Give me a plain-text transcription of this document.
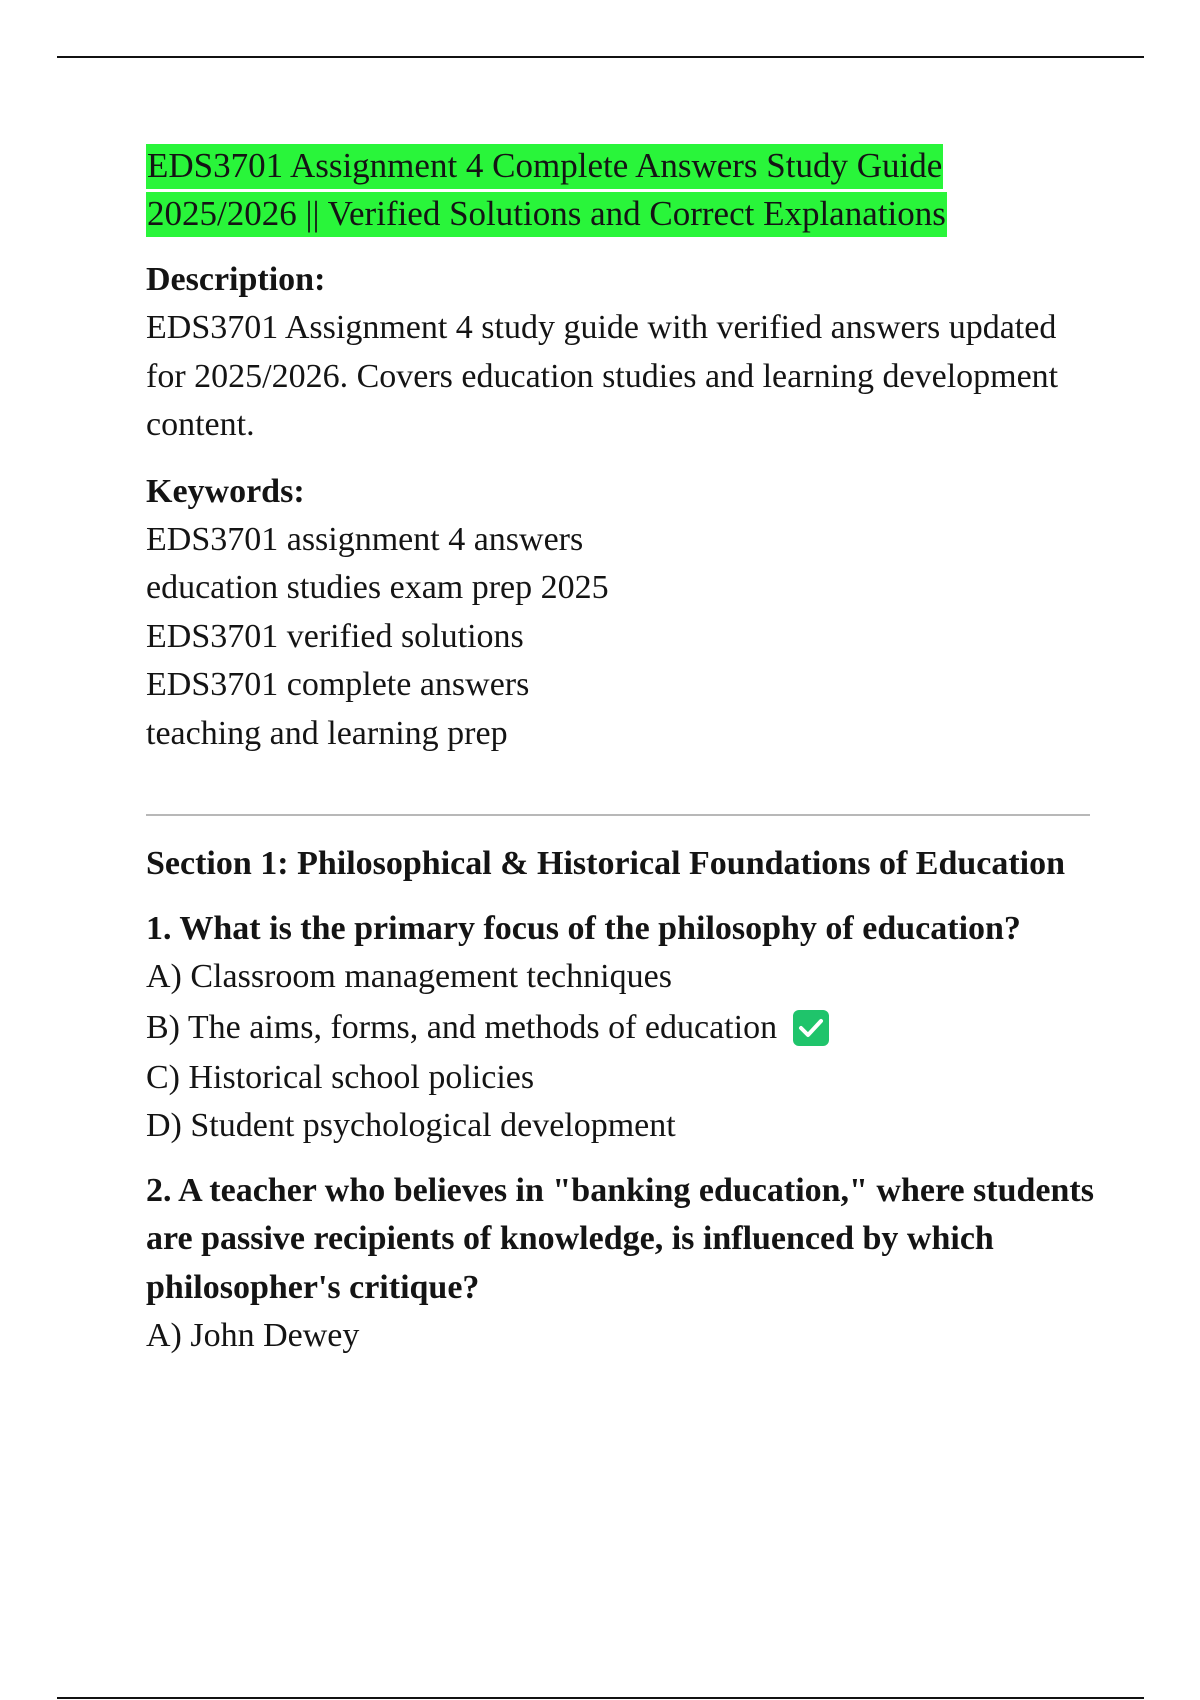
EDS3701 Assignment 4 Complete Answers Study Guide
2025/2026 || Verified Solutions and Correct Explanations
Description:

EDS3701 Assignment 4 study guide with verified answers updated for 2025/2026. Covers education studies and learning development content.

Keywords:
EDS3701 assignment 4 answers
education studies exam prep 2025
EDS3701 verified solutions
EDS3701 complete answers
teaching and learning prep
Section 1: Philosophical & Historical Foundations of Education

1. What is the primary focus of the philosophy of education?

A) Classroom management techniques
B) The aims, forms, and methods of education
C) Historical school policies
D) Student psychological development

2. A teacher who believes in "banking education," where students are passive recipients of knowledge, is influenced by which philosopher's critique?

A) John Dewey
